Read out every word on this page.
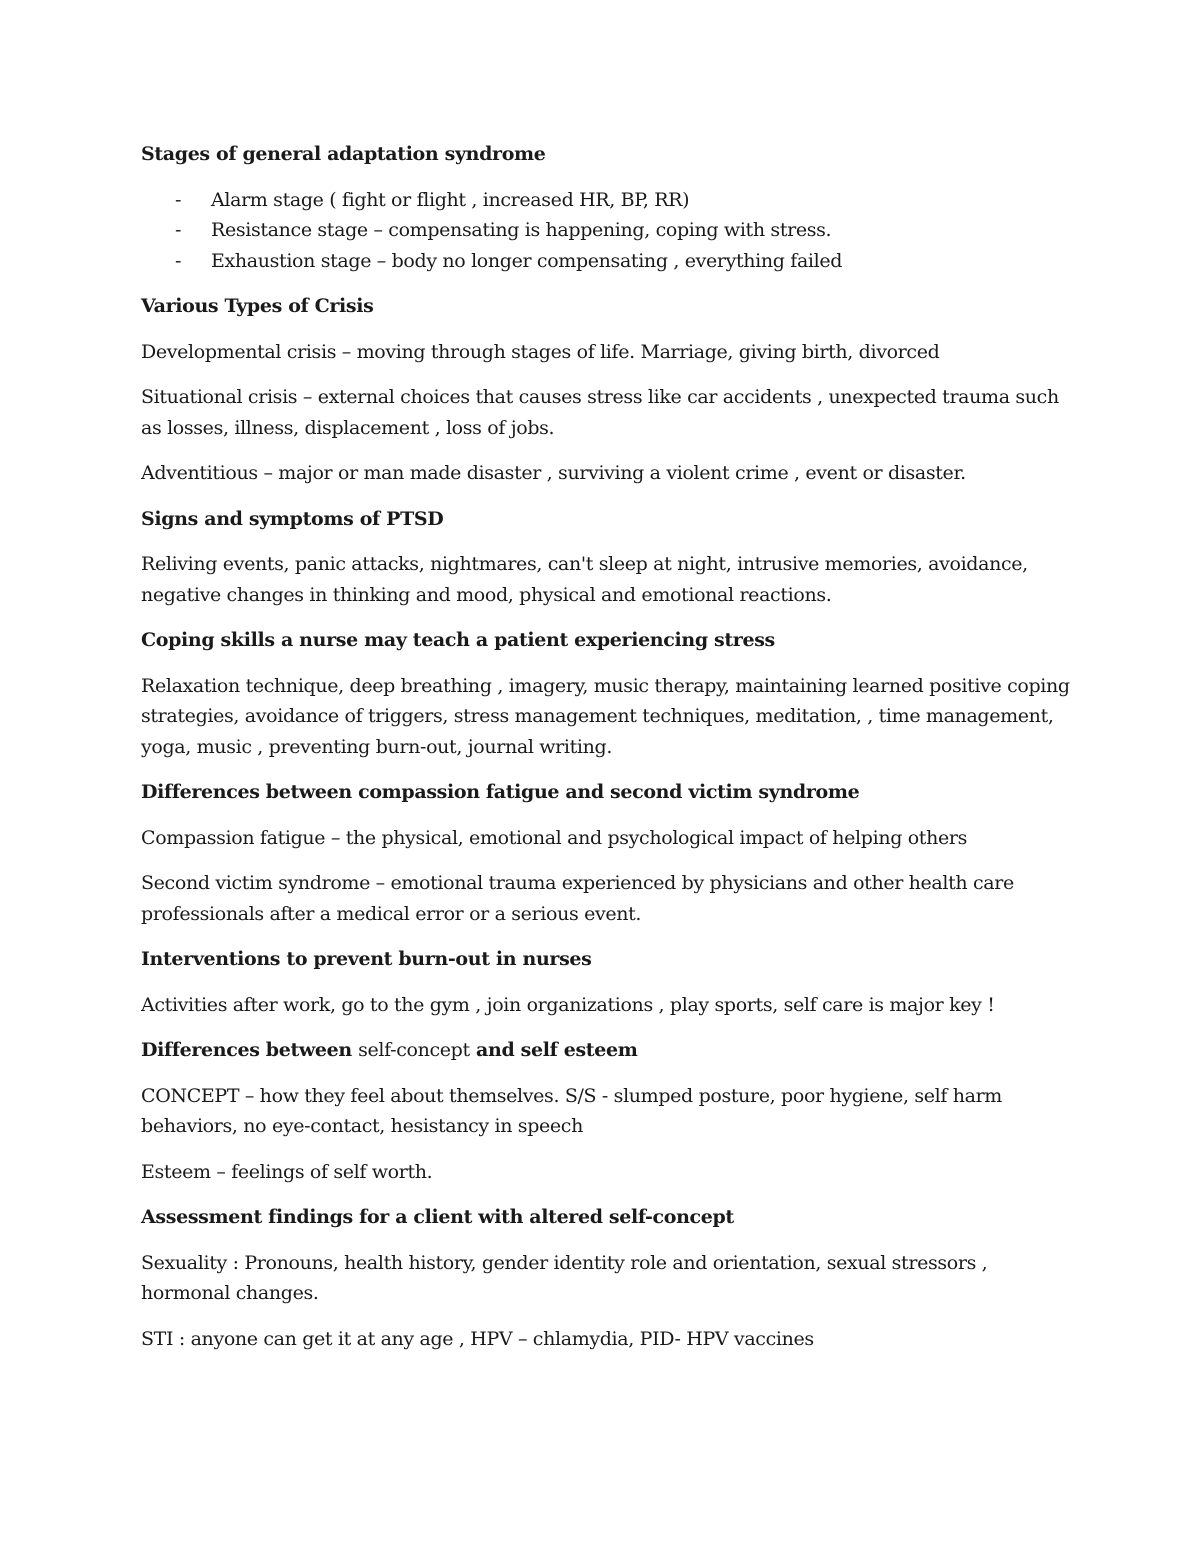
Stages of general adaptation syndrome
- Alarm stage ( fight or flight , increased HR, BP, RR)
- Resistance stage – compensating is happening, coping with stress.
- Exhaustion stage – body no longer compensating , everything failed
Various Types of Crisis
Developmental crisis – moving through stages of life. Marriage, giving birth, divorced
Situational crisis – external choices that causes stress like car accidents , unexpected trauma such as losses, illness, displacement , loss of jobs.
Adventitious – major or man made disaster , surviving a violent crime , event or disaster.
Signs and symptoms of PTSD
Reliving events, panic attacks, nightmares, can't sleep at night, intrusive memories, avoidance, negative changes in thinking and mood, physical and emotional reactions.
Coping skills a nurse may teach a patient experiencing stress
Relaxation technique, deep breathing , imagery, music therapy, maintaining learned positive coping strategies, avoidance of triggers, stress management techniques, meditation, , time management, yoga, music , preventing burn-out, journal writing.
Differences between compassion fatigue and second victim syndrome
Compassion fatigue – the physical, emotional and psychological impact of helping others
Second victim syndrome – emotional trauma experienced by physicians and other health care professionals after a medical error or a serious event.
Interventions to prevent burn-out in nurses
Activities after work, go to the gym , join organizations , play sports, self care is major key !
Differences between self-concept and self esteem
CONCEPT – how they feel about themselves. S/S - slumped posture, poor hygiene, self harm behaviors, no eye-contact, hesistancy in speech
Esteem – feelings of self worth.
Assessment findings for a client with altered self-concept
Sexuality : Pronouns, health history, gender identity role and orientation, sexual stressors , hormonal changes.
STI : anyone can get it at any age , HPV – chlamydia, PID- HPV vaccines
